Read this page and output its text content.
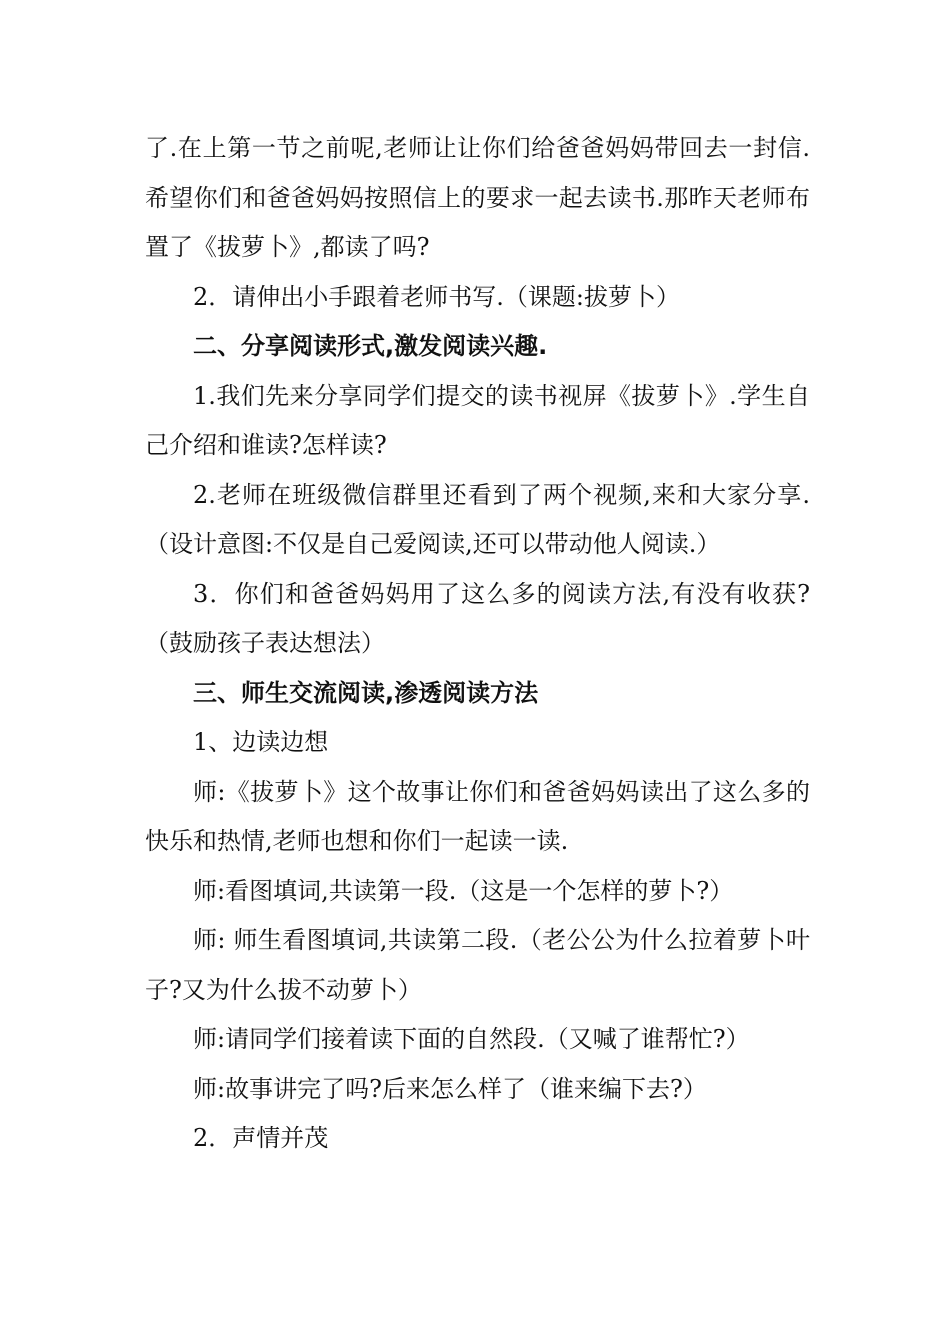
了.在上第一节之前呢,老师让让你们给爸爸妈妈带回去一封信.希望你们和爸爸妈妈按照信上的要求一起去读书.那昨天老师布置了《拔萝卜》,都读了吗?

2．请伸出小手跟着老师书写.（课题:拔萝卜）

二、分享阅读形式,激发阅读兴趣.

1.我们先来分享同学们提交的读书视屏《拔萝卜》.学生自己介绍和谁读?怎样读?

2.老师在班级微信群里还看到了两个视频,来和大家分享.（设计意图:不仅是自己爱阅读,还可以带动他人阅读.）

3．你们和爸爸妈妈用了这么多的阅读方法,有没有收获?（鼓励孩子表达想法）

三、师生交流阅读,渗透阅读方法

1、边读边想

师:《拔萝卜》这个故事让你们和爸爸妈妈读出了这么多的快乐和热情,老师也想和你们一起读一读.

师:看图填词,共读第一段.（这是一个怎样的萝卜?）

师: 师生看图填词,共读第二段.（老公公为什么拉着萝卜叶子?又为什么拔不动萝卜）

师:请同学们接着读下面的自然段.（又喊了谁帮忙?）

师:故事讲完了吗?后来怎么样了（谁来编下去?）

2．声情并茂
